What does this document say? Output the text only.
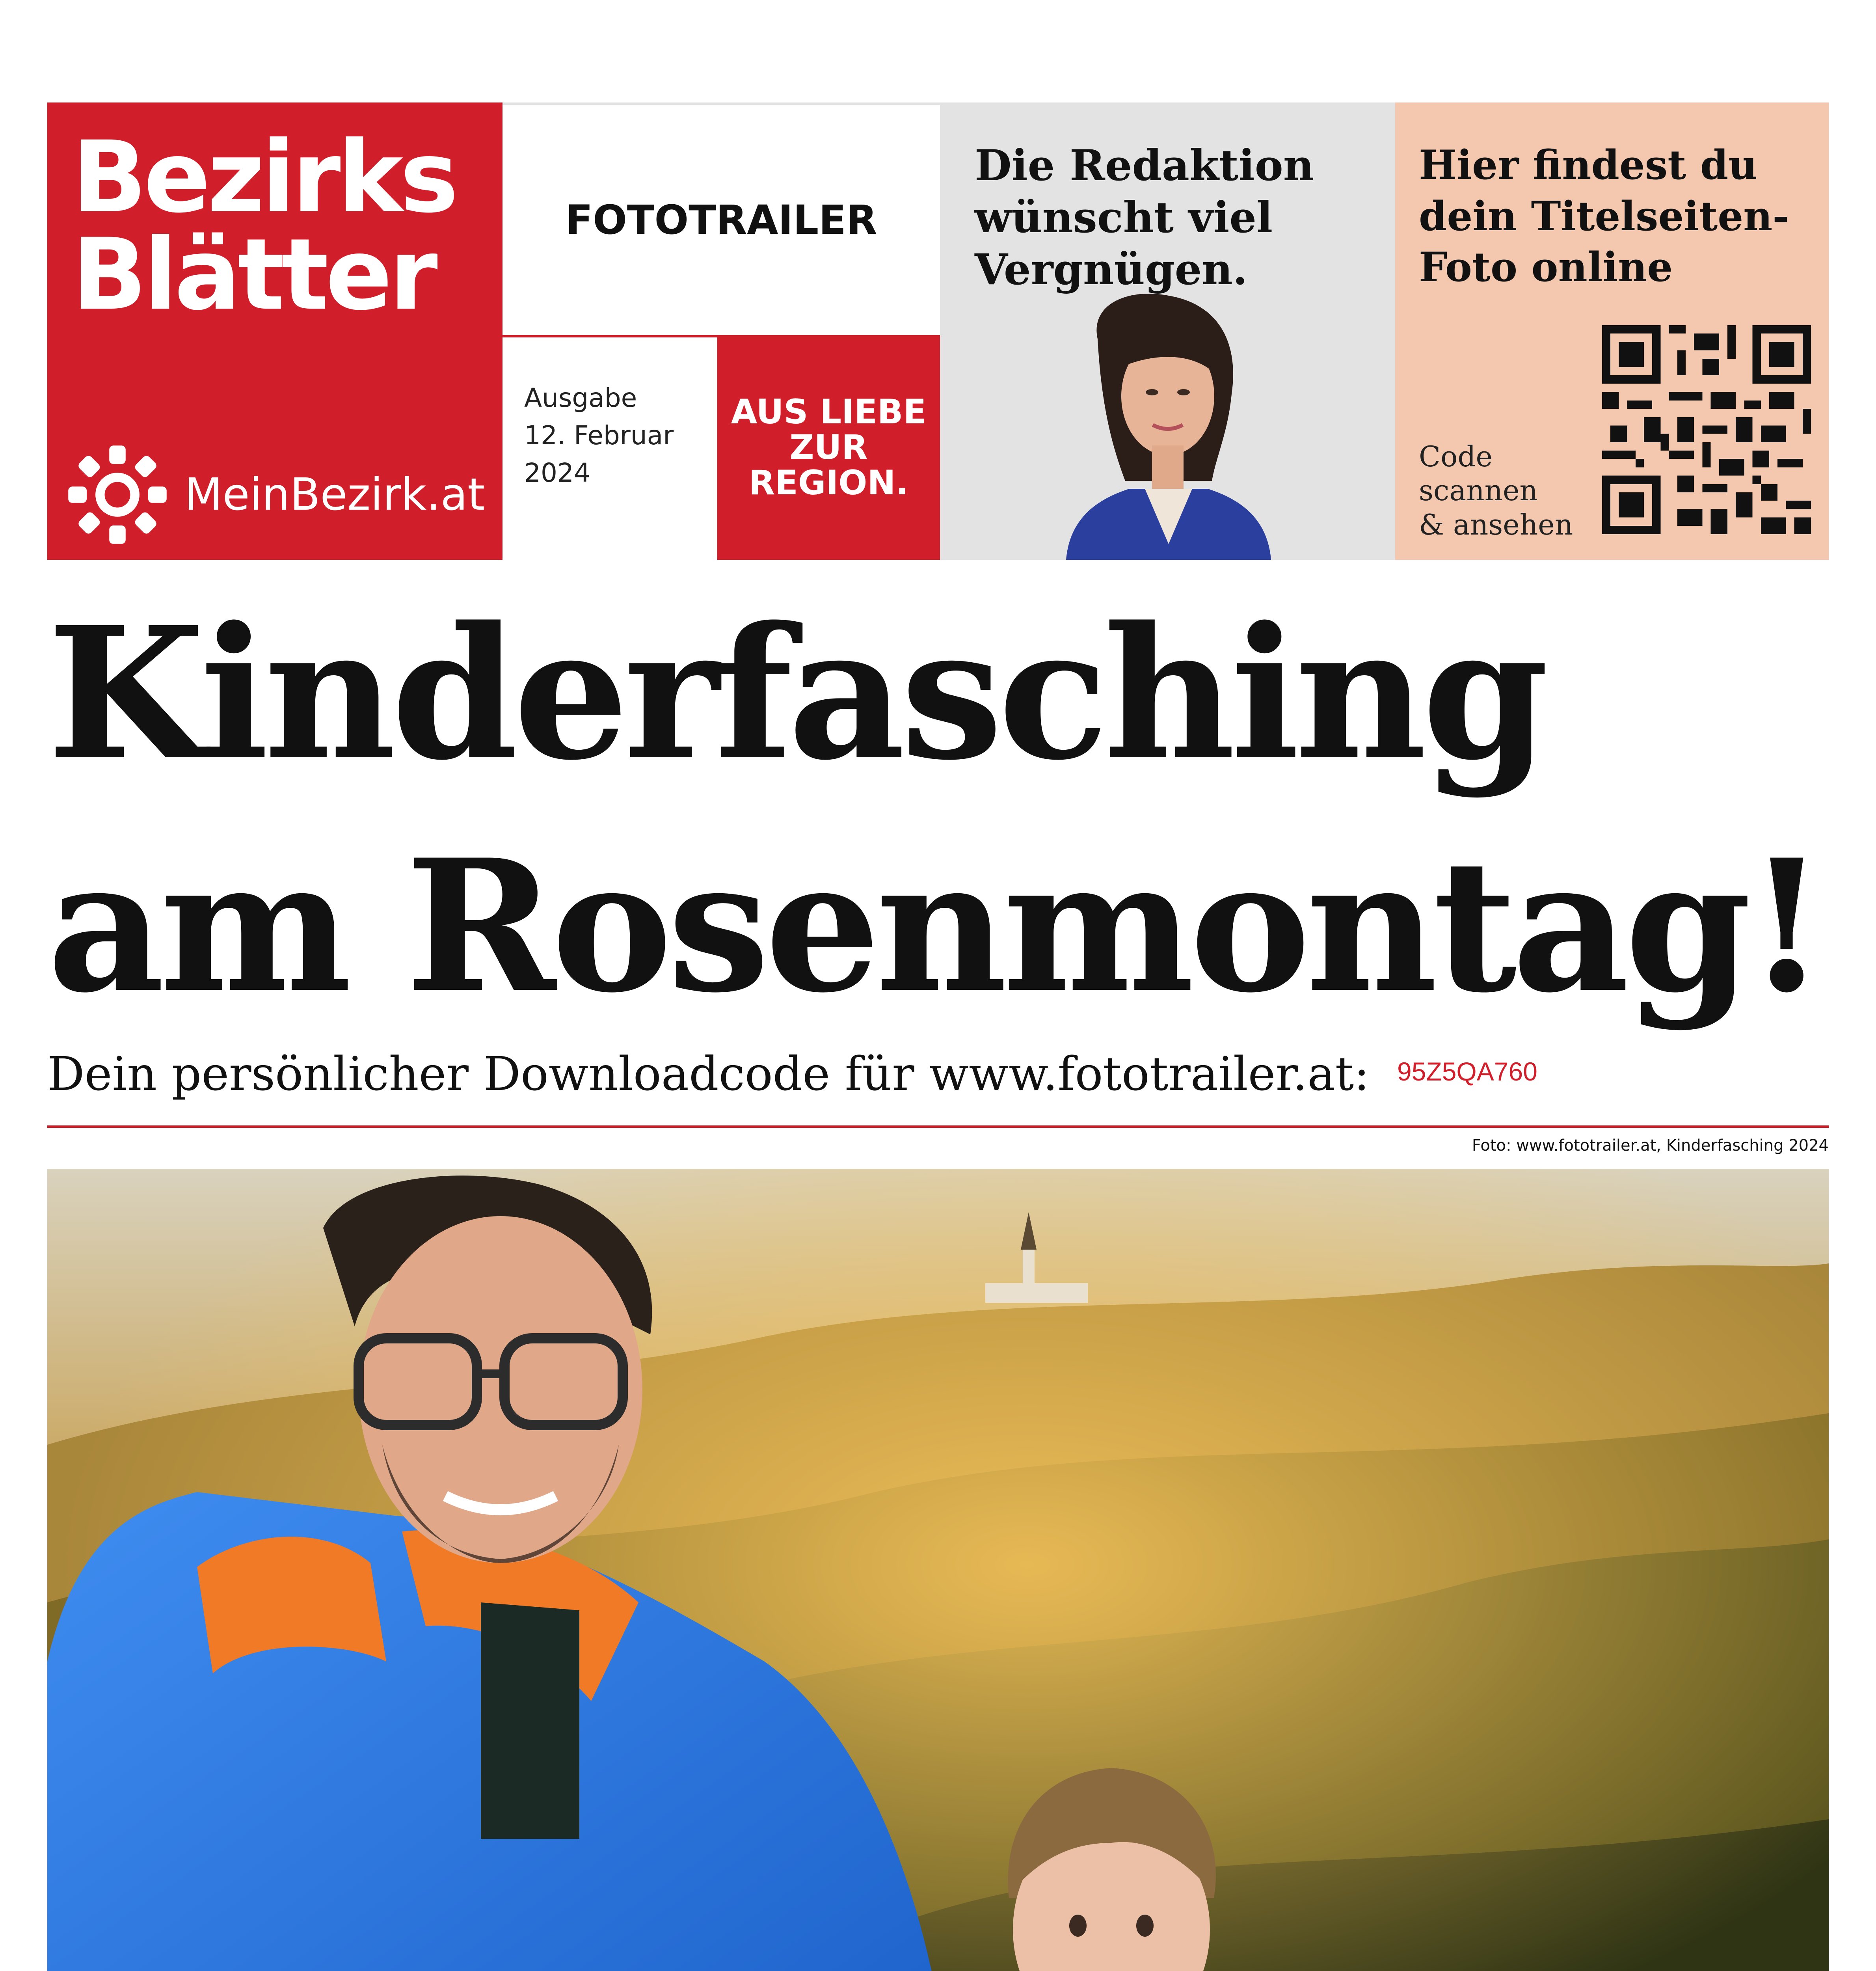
Bezirks
Blätter
MeinBezirk.at
FOTOTRAILER
Ausgabe
12. Februar
2024
AUS LIEBE
ZUR
REGION.
Die Redaktion
wünscht viel
Vergnügen.
Hier findest du
dein Titelseiten-
Foto online
Code
scannen
& ansehen
Kinderfasching
am Rosenmontag!
Dein persönlicher Downloadcode für www.fototrailer.at: 95Z5QA760
Foto: www.fototrailer.at, Kinderfasching 2024
